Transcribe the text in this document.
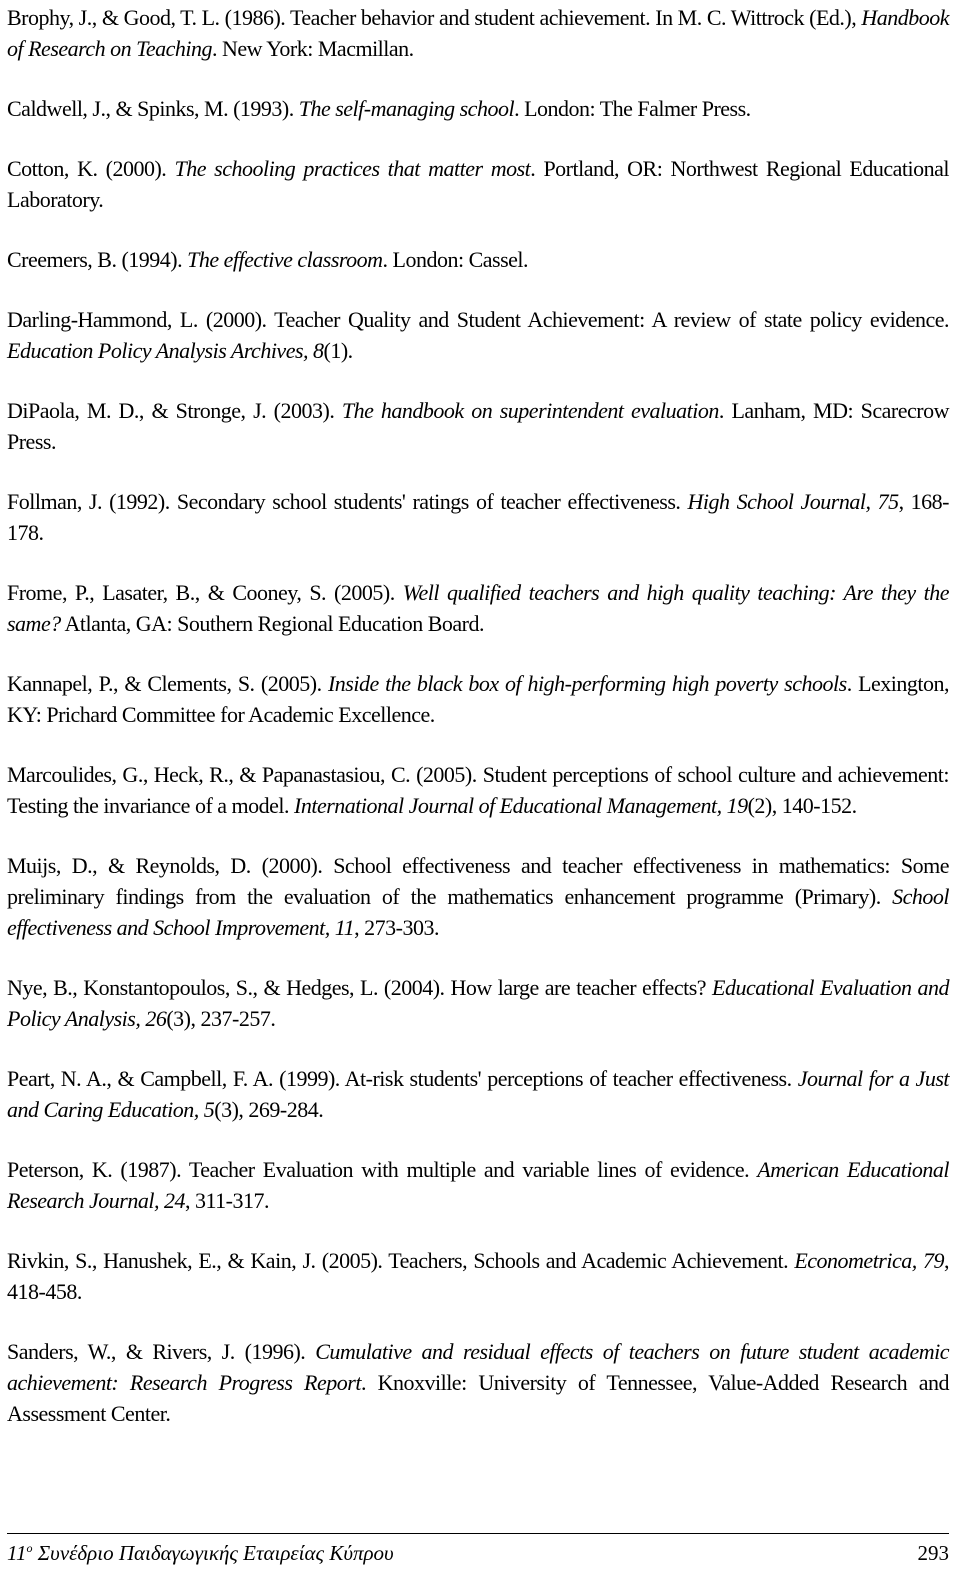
Brophy, J., & Good, T. L. (1986). Teacher behavior and student achievement. In M. C. Wittrock (Ed.), Handbook of Research on Teaching. New York: Macmillan.

Caldwell, J., & Spinks, M. (1993). The self-managing school. London: The Falmer Press.

Cotton, K. (2000). The schooling practices that matter most. Portland, OR: Northwest Regional Educational Laboratory.

Creemers, B. (1994). The effective classroom. London: Cassel.

Darling-Hammond, L. (2000). Teacher Quality and Student Achievement: A review of state policy evidence. Education Policy Analysis Archives, 8(1).

DiPaola, M. D., & Stronge, J. (2003). The handbook on superintendent evaluation. Lanham, MD: Scarecrow Press.

Follman, J. (1992). Secondary school students' ratings of teacher effectiveness. High School Journal, 75, 168-178.

Frome, P., Lasater, B., & Cooney, S. (2005). Well qualified teachers and high quality teaching: Are they the same? Atlanta, GA: Southern Regional Education Board.

Kannapel, P., & Clements, S. (2005). Inside the black box of high-performing high poverty schools. Lexington, KY: Prichard Committee for Academic Excellence.

Marcoulides, G., Heck, R., & Papanastasiou, C. (2005). Student perceptions of school culture and achievement: Testing the invariance of a model. International Journal of Educational Management, 19(2), 140-152.

Muijs, D., & Reynolds, D. (2000). School effectiveness and teacher effectiveness in mathematics: Some preliminary findings from the evaluation of the mathematics enhancement programme (Primary). School effectiveness and School Improvement, 11, 273-303.

Nye, B., Konstantopoulos, S., & Hedges, L. (2004). How large are teacher effects? Educational Evaluation and Policy Analysis, 26(3), 237-257.

Peart, N. A., & Campbell, F. A. (1999). At-risk students' perceptions of teacher effectiveness. Journal for a Just and Caring Education, 5(3), 269-284.

Peterson, K. (1987). Teacher Evaluation with multiple and variable lines of evidence. American Educational Research Journal, 24, 311-317.

Rivkin, S., Hanushek, E., & Kain, J. (2005). Teachers, Schools and Academic Achievement. Econometrica, 79, 418-458.

Sanders, W., & Rivers, J. (1996). Cumulative and residual effects of teachers on future student academic achievement: Research Progress Report. Knoxville: University of Tennessee, Value-Added Research and Assessment Center.

$11^o$ Συνέδριο Παιδαγωγικής Εταιρείας Κύπρου	293
